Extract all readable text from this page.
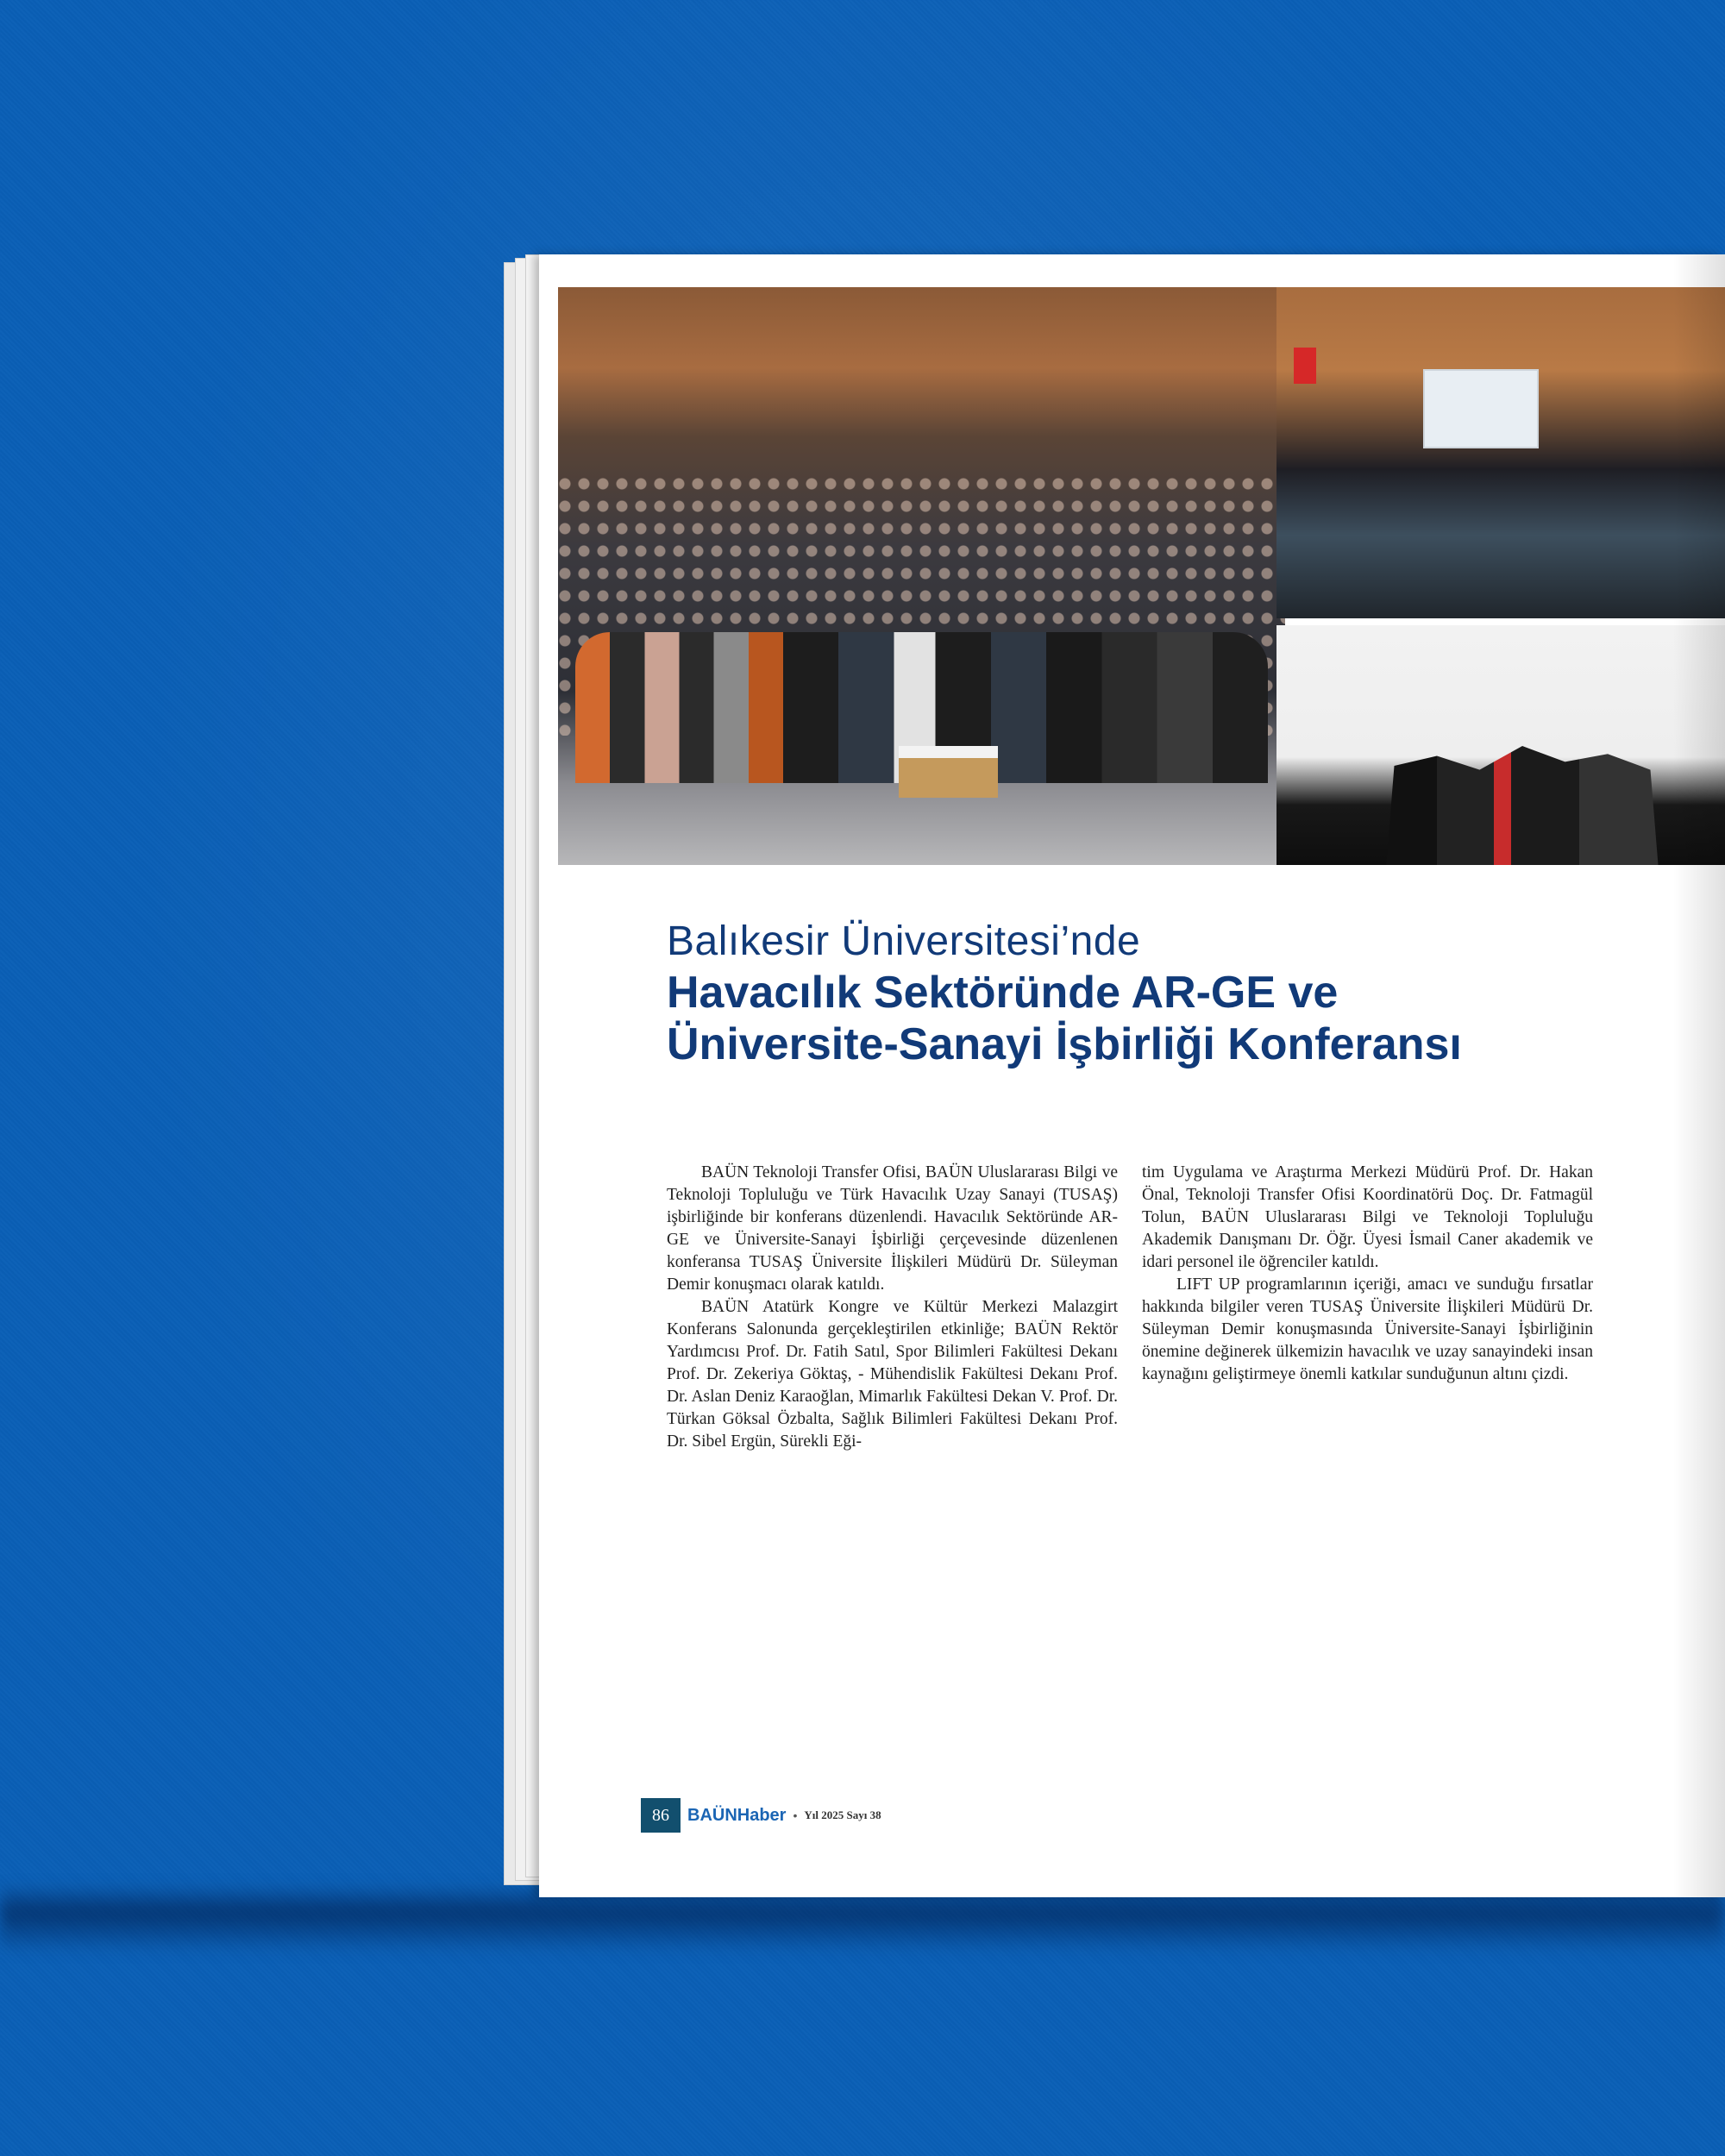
Balıkesir Üniversitesi’nde
Havacılık Sektöründe AR-GE ve
Üniversite-Sanayi İşbirliği Konferansı

BAÜN Teknoloji Transfer Ofisi, BAÜN Uluslararası Bilgi ve Teknoloji Topluluğu ve Türk Havacılık Uzay Sanayi (TUSAŞ) işbirliğinde bir konferans düzenlendi. Havacılık Sektöründe AR-GE ve Üniversite-Sanayi İşbirliği çerçevesinde düzenlenen konferansa TUSAŞ Üniversite İlişkileri Müdürü Dr. Süleyman Demir konuşmacı olarak katıldı.

BAÜN Atatürk Kongre ve Kültür Merkezi Malazgirt Konferans Salonunda gerçekleştirilen etkinliğe; BAÜN Rektör Yardımcısı Prof. Dr. Fatih Satıl, Spor Bilimleri Fakültesi Dekanı Prof. Dr. Zekeriya Göktaş, - Mühendislik Fakültesi Dekanı Prof. Dr. Aslan Deniz Karaoğlan, Mimarlık Fakültesi Dekan V. Prof. Dr. Türkan Göksal Özbalta, Sağlık Bilimleri Fakültesi Dekanı Prof. Dr. Sibel Ergün, Sürekli Eği-

tim Uygulama ve Araştırma Merkezi Müdürü Prof. Dr. Hakan Önal, Teknoloji Transfer Ofisi Koordinatörü Doç. Dr. Fatmagül Tolun, BAÜN Uluslararası Bilgi ve Teknoloji Topluluğu Akademik Danışmanı Dr. Öğr. Üyesi İsmail Caner akademik ve idari personel ile öğrenciler katıldı.

LIFT UP programlarının içeriği, amacı ve sunduğu fırsatlar hakkında bilgiler veren TUSAŞ Üniversite İlişkileri Müdürü Dr. Süleyman Demir konuşmasında Üniversite-Sanayi İşbirliğinin önemine değinerek ülkemizin havacılık ve uzay sanayindeki insan kaynağını geliştirmeye önemli katkılar sunduğunun altını çizdi.

86	BAÜNHaber • Yıl 2025 Sayı 38
